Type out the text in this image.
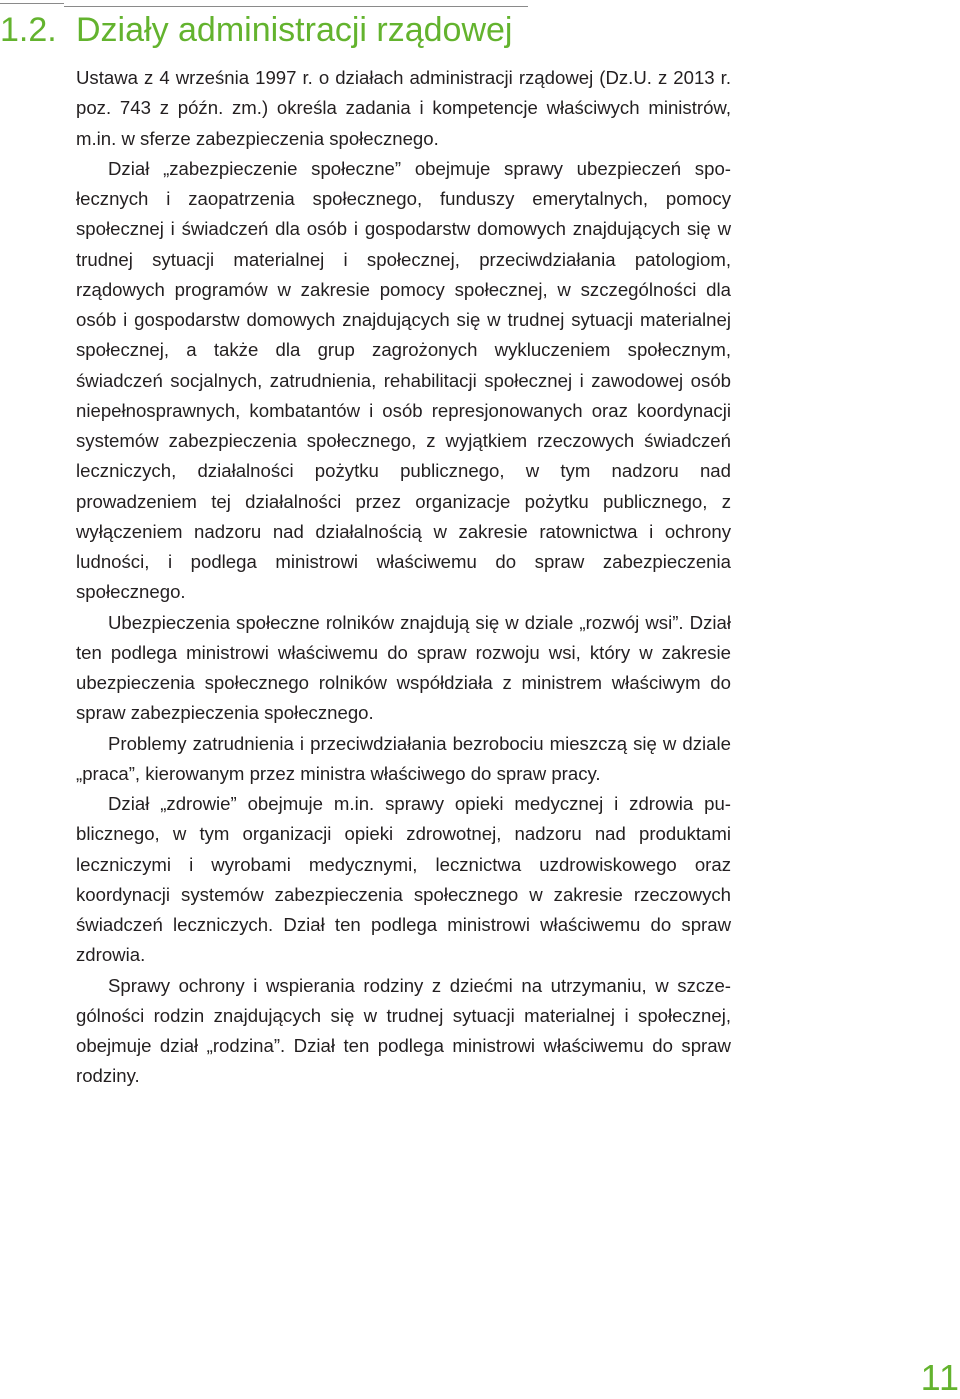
1.2. Działy administracji rządowej

Ustawa z 4 września 1997 r. o działach administracji rządowej (Dz.U. z 2013 r. poz. 743 z późn. zm.) określa zadania i kompetencje właściwych ministrów, m.in. w sferze zabezpieczenia społecznego.

Dział „zabezpieczenie społeczne” obejmuje sprawy ubezpieczeń społecznych i zaopatrzenia społecznego, funduszy emerytalnych, pomocy społecznej i świadczeń dla osób i gospodarstw domowych znajdujących się w trudnej sytuacji materialnej i społecznej, przeciwdziałania patologiom, rządowych programów w zakresie pomocy społecznej, w szczególności dla osób i gospodarstw domowych znajdujących się w trudnej sytuacji materialnej społecznej, a także dla grup zagrożonych wykluczeniem społecznym, świadczeń socjalnych, zatrudnienia, rehabilitacji społecznej i zawodowej osób niepełnosprawnych, kombatantów i osób represjonowanych oraz koordynacji systemów zabezpieczenia społecznego, z wyjątkiem rzeczowych świadczeń leczniczych, działalności pożytku publicznego, w tym nadzoru nad prowadzeniem tej działalności przez organizacje pożytku publicznego, z wyłączeniem nadzoru nad działalnością w zakresie ratownictwa i ochrony ludności, i podlega ministrowi właściwemu do spraw zabezpieczenia społecznego.

Ubezpieczenia społeczne rolników znajdują się w dziale „rozwój wsi”. Dział ten podlega ministrowi właściwemu do spraw rozwoju wsi, który w zakresie ubezpieczenia społecznego rolników współdziała z ministrem właściwym do spraw zabezpieczenia społecznego.

Problemy zatrudnienia i przeciwdziałania bezrobociu mieszczą się w dziale „praca”, kierowanym przez ministra właściwego do spraw pracy.

Dział „zdrowie” obejmuje m.in. sprawy opieki medycznej i zdrowia publicznego, w tym organizacji opieki zdrowotnej, nadzoru nad produktami leczniczymi i wyrobami medycznymi, lecznictwa uzdrowiskowego oraz koordynacji systemów zabezpieczenia społecznego w zakresie rzeczowych świadczeń leczniczych. Dział ten podlega ministrowi właściwemu do spraw zdrowia.

Sprawy ochrony i wspierania rodziny z dziećmi na utrzymaniu, w szczególności rodzin znajdujących się w trudnej sytuacji materialnej i społecznej, obejmuje dział „rodzina”. Dział ten podlega ministrowi właściwemu do spraw rodziny.

11
